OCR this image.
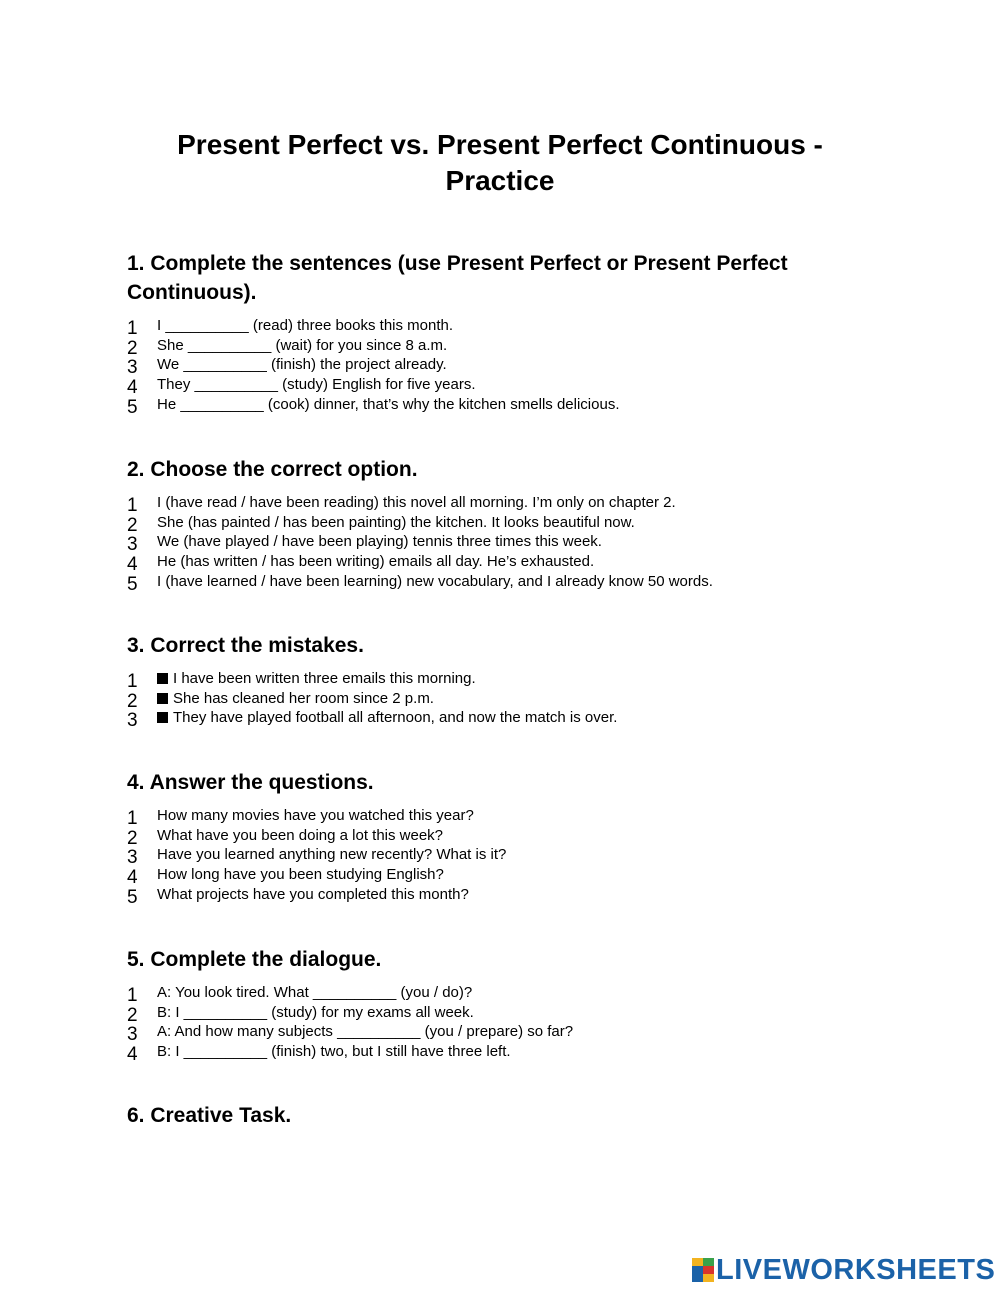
Present Perfect vs. Present Perfect Continuous - Practice
1. Complete the sentences (use Present Perfect or Present Perfect Continuous).
1	I __________ (read) three books this month.
2	She __________ (wait) for you since 8 a.m.
3	We __________ (finish) the project already.
4	They __________ (study) English for five years.
5	He __________ (cook) dinner, that’s why the kitchen smells delicious.
2. Choose the correct option.
1	I (have read / have been reading) this novel all morning. I’m only on chapter 2.
2	She (has painted / has been painting) the kitchen. It looks beautiful now.
3	We (have played / have been playing) tennis three times this week.
4	He (has written / has been writing) emails all day. He’s exhausted.
5	I (have learned / have been learning) new vocabulary, and I already know 50 words.
3. Correct the mistakes.
1	I have been written three emails this morning.
2	She has cleaned her room since 2 p.m.
3	They have played football all afternoon, and now the match is over.
4. Answer the questions.
1	How many movies have you watched this year?
2	What have you been doing a lot this week?
3	Have you learned anything new recently? What is it?
4	How long have you been studying English?
5	What projects have you completed this month?
5. Complete the dialogue.
1	A: You look tired. What __________ (you / do)?
2	B: I __________ (study) for my exams all week.
3	A: And how many subjects __________ (you / prepare) so far?
4	B: I __________ (finish) two, but I still have three left.
6. Creative Task.
LIVEWORKSHEETS
